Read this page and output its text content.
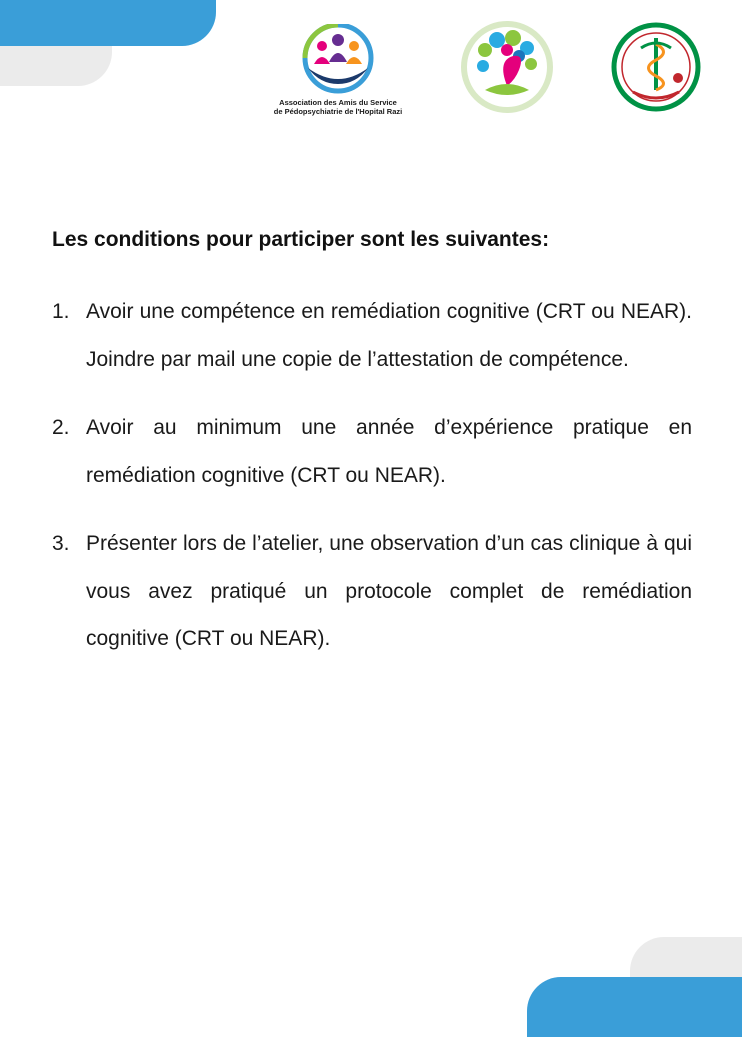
Association des Amis du Service
de Pédopsychiatrie de l'Hopital Razi
Les conditions pour participer sont les suivantes:
1. Avoir une compétence en remédiation cognitive (CRT ou NEAR). Joindre par mail une copie de l’attestation de compétence.
2. Avoir au minimum une année d’expérience pratique en remédiation cognitive (CRT ou NEAR).
3. Présenter lors de l’atelier, une observation d’un cas clinique à qui vous avez pratiqué un protocole complet de remédiation cognitive (CRT ou NEAR).
